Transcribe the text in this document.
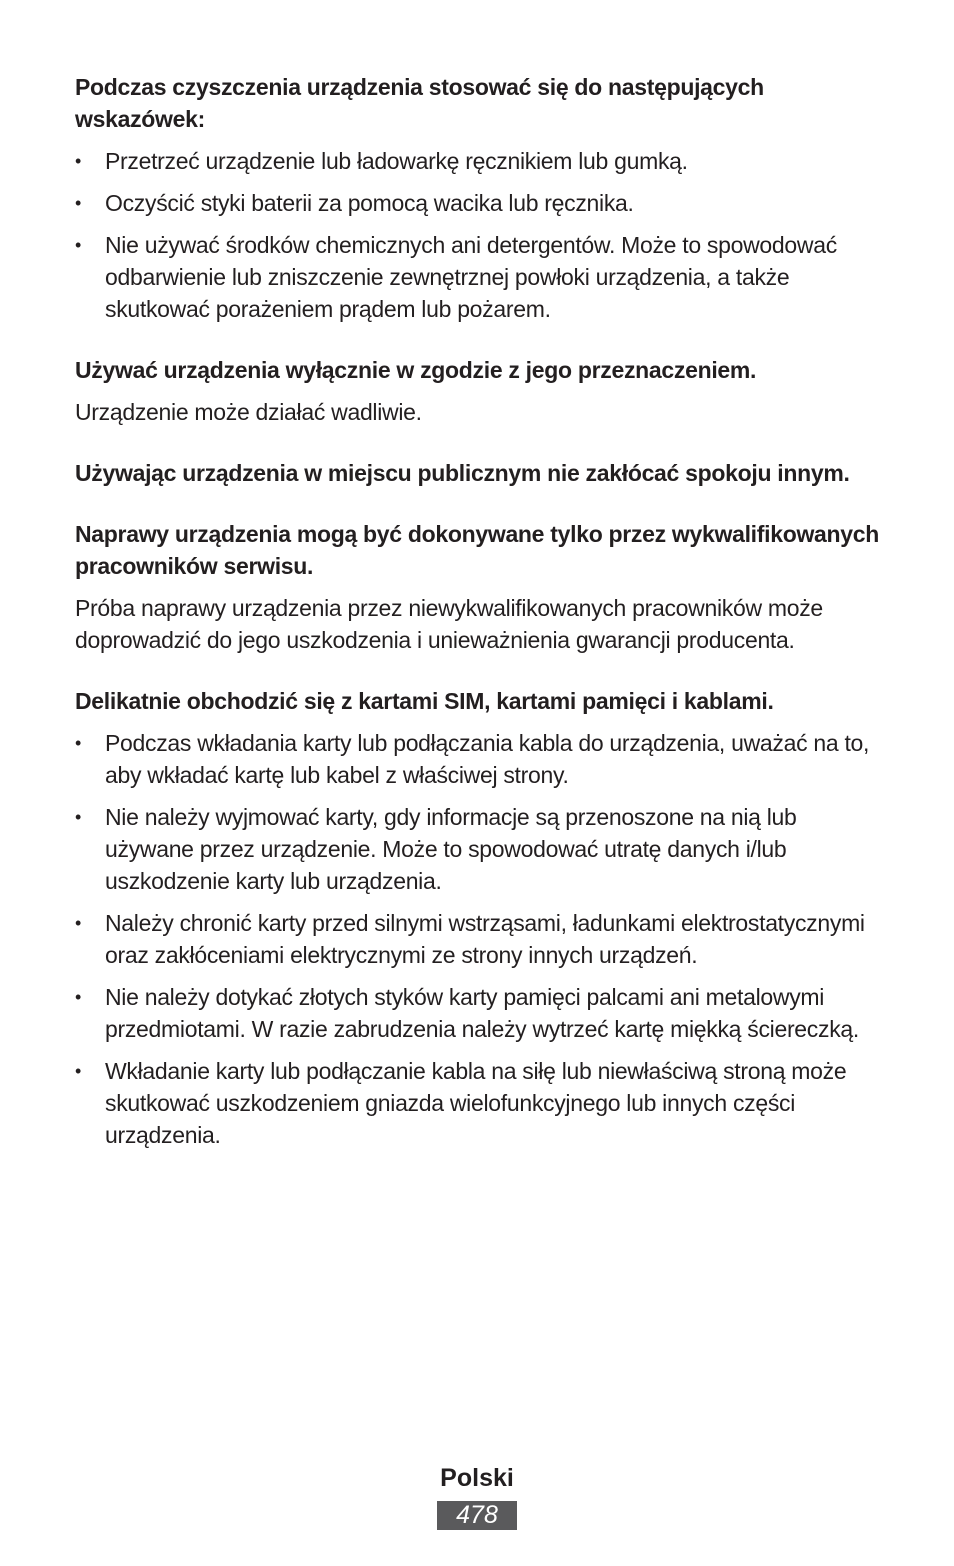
Podczas czyszczenia urządzenia stosować się do następujących wskazówek:

• Przetrzeć urządzenie lub ładowarkę ręcznikiem lub gumką.
• Oczyścić styki baterii za pomocą wacika lub ręcznika.
• Nie używać środków chemicznych ani detergentów. Może to spowodować odbarwienie lub zniszczenie zewnętrznej powłoki urządzenia, a także skutkować porażeniem prądem lub pożarem.

Używać urządzenia wyłącznie w zgodzie z jego przeznaczeniem.

Urządzenie może działać wadliwie.

Używając urządzenia w miejscu publicznym nie zakłócać spokoju innym.

Naprawy urządzenia mogą być dokonywane tylko przez wykwalifikowanych pracowników serwisu.

Próba naprawy urządzenia przez niewykwalifikowanych pracowników może doprowadzić do jego uszkodzenia i unieważnienia gwarancji producenta.

Delikatnie obchodzić się z kartami SIM, kartami pamięci i kablami.

• Podczas wkładania karty lub podłączania kabla do urządzenia, uważać na to, aby wkładać kartę lub kabel z właściwej strony.
• Nie należy wyjmować karty, gdy informacje są przenoszone na nią lub używane przez urządzenie. Może to spowodować utratę danych i/lub uszkodzenie karty lub urządzenia.
• Należy chronić karty przed silnymi wstrząsami, ładunkami elektrostatycznymi oraz zakłóceniami elektrycznymi ze strony innych urządzeń.
• Nie należy dotykać złotych styków karty pamięci palcami ani metalowymi przedmiotami. W razie zabrudzenia należy wytrzeć kartę miękką ściereczką.
• Wkładanie karty lub podłączanie kabla na siłę lub niewłaściwą stroną może skutkować uszkodzeniem gniazda wielofunkcyjnego lub innych części urządzenia.
Polski
478
